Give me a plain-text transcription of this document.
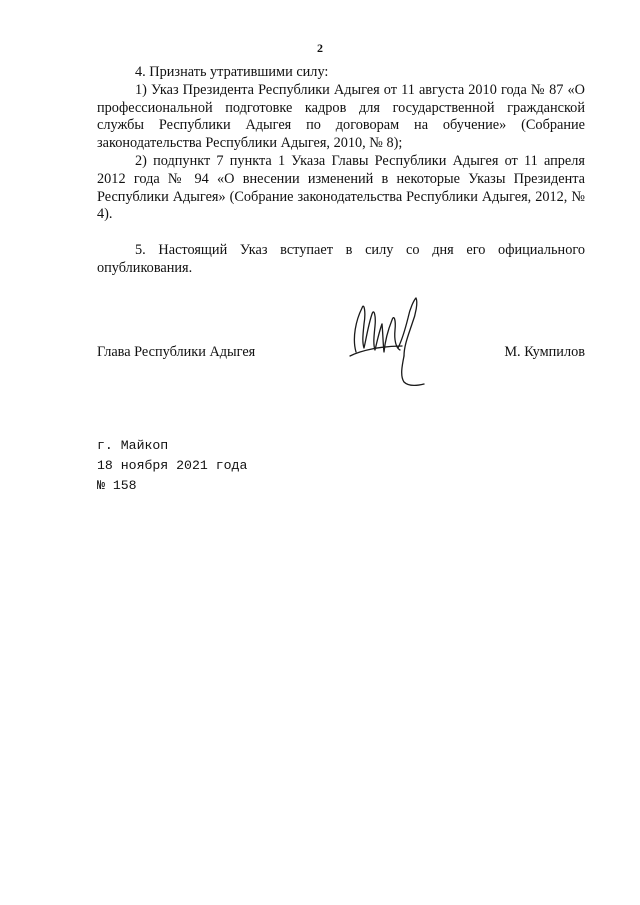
2

4. Признать утратившими силу:

1) Указ Президента Республики Адыгея от 11 августа 2010 года № 87 «О профессиональной подготовке кадров для государственной гражданской службы Республики Адыгея по договорам на обучение» (Собрание законодательства Республики Адыгея, 2010, № 8);

2) подпункт 7 пункта 1 Указа Главы Республики Адыгея от 11 апреля 2012 года № 94 «О внесении изменений в некоторые Указы Президента Республики Адыгея» (Собрание законодательства Республики Адыгея, 2012, № 4).

5. Настоящий Указ вступает в силу со дня его официального опубликования.

Глава Республики Адыгея	М. Кумпилов
г. Майкоп
18 ноября 2021 года
№ 158
